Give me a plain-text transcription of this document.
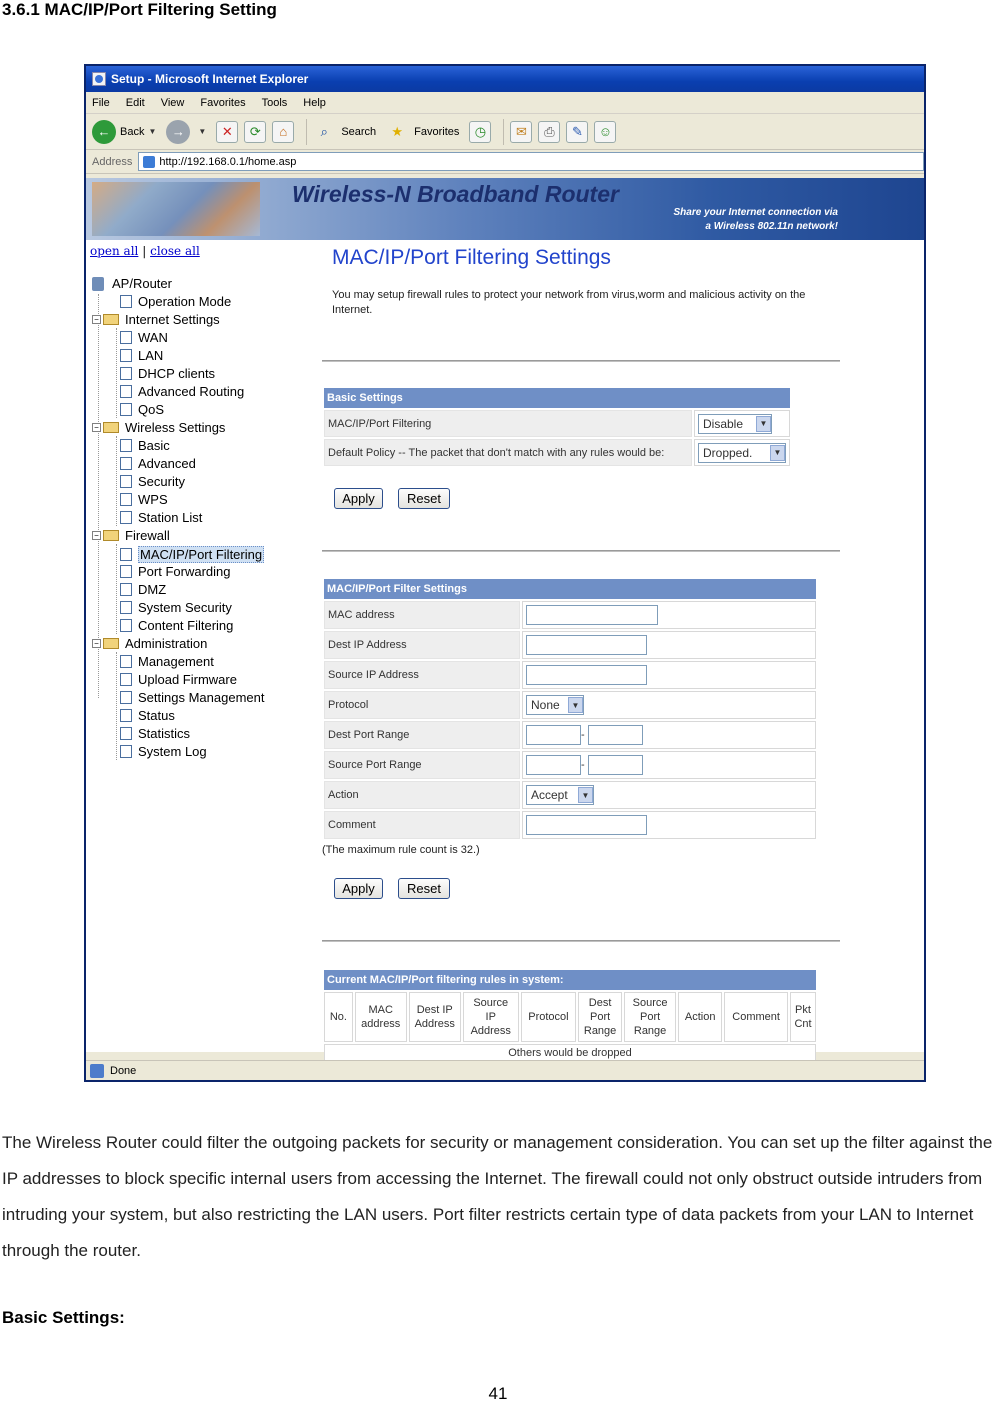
3.6.1 MAC/IP/Port Filtering Setting
Setup - Microsoft Internet Explorer
File Edit View Favorites Tools Help
← Back ▼	→	▼	✕	⟳	⌂	⌕	Search	★	Favorites	◷	✉	⎙	✎	☺
Address http://192.168.0.1/home.asp
Wireless-N Broadband Router
Share your Internet connection via
a Wireless 802.11n network!
open all | close all
AP/Router
Operation Mode
− Internet Settings
WAN
LAN
DHCP clients
Advanced Routing
QoS
− Wireless Settings
Basic
Advanced
Security
WPS
Station List
− Firewall
MAC/IP/Port Filtering
Port Forwarding
DMZ
System Security
Content Filtering
− Administration
Management
Upload Firmware
Settings Management
Status
Statistics
System Log
MAC/IP/Port Filtering Settings
You may setup firewall rules to protect your network from virus,worm and malicious activity on the Internet.
Basic Settings	
MAC/IP/Port Filtering	Disable ▼

Default Policy -- The packet that don't match with any rules would be:	Dropped. ▼
Apply	Reset
MAC/IP/Port Filter Settings	
MAC address	
Dest IP Address	
Source IP Address	
Protocol	None ▼

Dest Port Range	-
Source Port Range	-
Action	Accept ▼

Comment	
(The maximum rule count is 32.)
Apply	Reset
Current MAC/IP/Port filtering rules in system:
No.	MAC address	Dest IP Address	Source IP Address	Protocol	Dest Port Range	Source Port Range	Action	Comment	Pkt Cnt
Others would be dropped
Done
The Wireless Router could filter the outgoing packets for security or management consideration. You can set up the filter against the IP addresses to block specific internal users from accessing the Internet. The firewall could not only obstruct outside intruders from intruding your system, but also restricting the LAN users. Port filter restricts certain type of data packets from your LAN to Internet through the router.
Basic Settings:
41
